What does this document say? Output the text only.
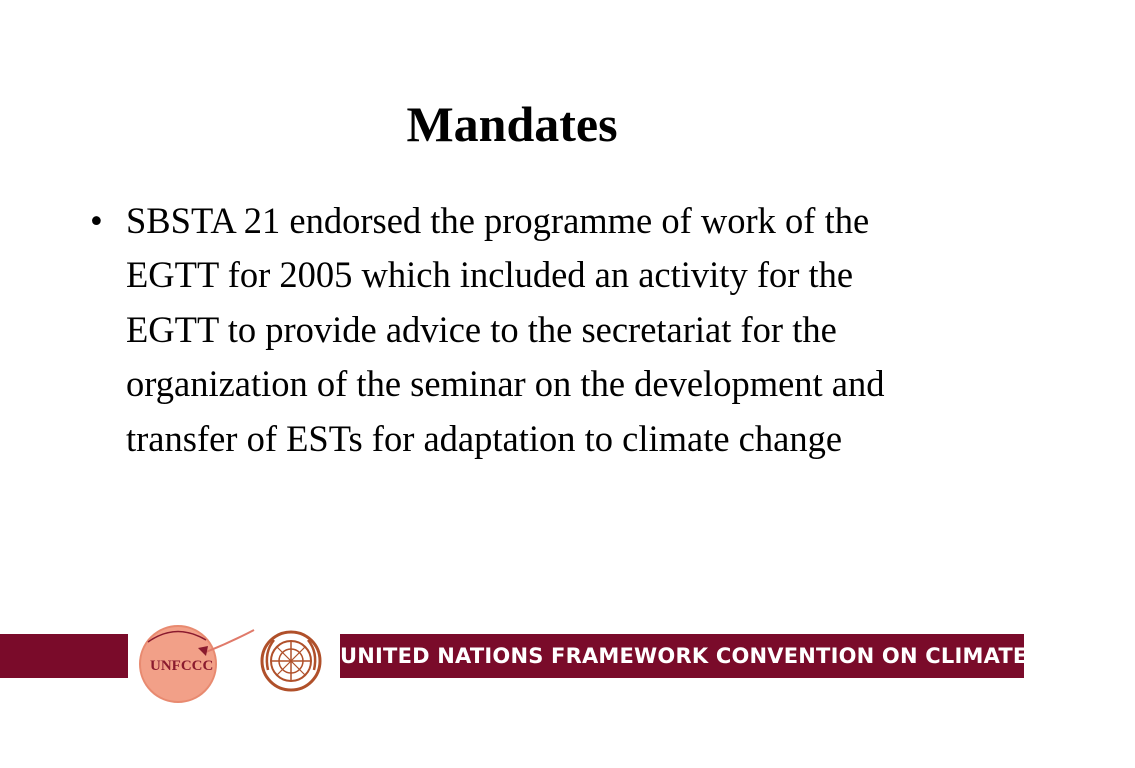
Mandates
• SBSTA 21 endorsed the programme of work of the EGTT for 2005 which included an activity for the EGTT to provide advice to the secretariat for the organization of the seminar on the development and transfer of ESTs for adaptation to climate change
UNITED NATIONS FRAMEWORK CONVENTION ON CLIMATE CHANGE
UNFCCC
